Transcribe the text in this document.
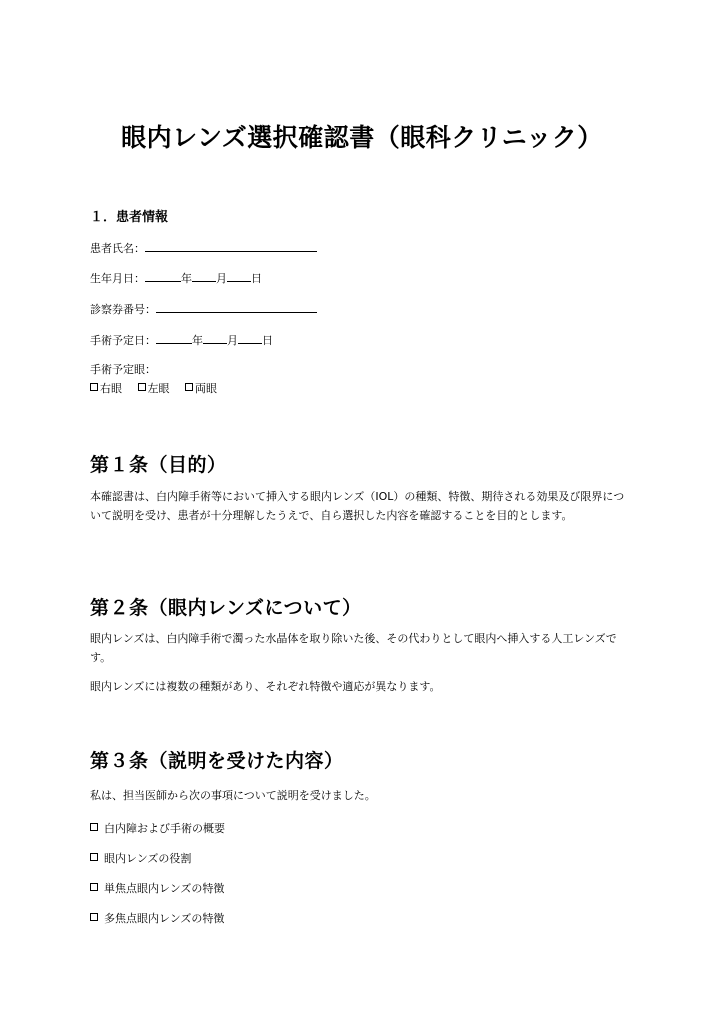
眼内レンズ選択確認書（眼科クリニック）
１．患者情報
患者氏名：
生年月日：	年 月 日
診察券番号：
手術予定日：	年 月 日
手術予定眼：
右眼 左眼 両眼
第１条（目的）

本確認書は、白内障手術等において挿入する眼内レンズ（IOL）の種類、特徴、期待される効果及び限界について説明を受け、患者が十分理解したうえで、自ら選択した内容を確認することを目的とします。

第２条（眼内レンズについて）

眼内レンズは、白内障手術で濁った水晶体を取り除いた後、その代わりとして眼内へ挿入する人工レンズです。

眼内レンズには複数の種類があり、それぞれ特徴や適応が異なります。

第３条（説明を受けた内容）

私は、担当医師から次の事項について説明を受けました。

白内障および手術の概要
眼内レンズの役割
単焦点眼内レンズの特徴
多焦点眼内レンズの特徴
